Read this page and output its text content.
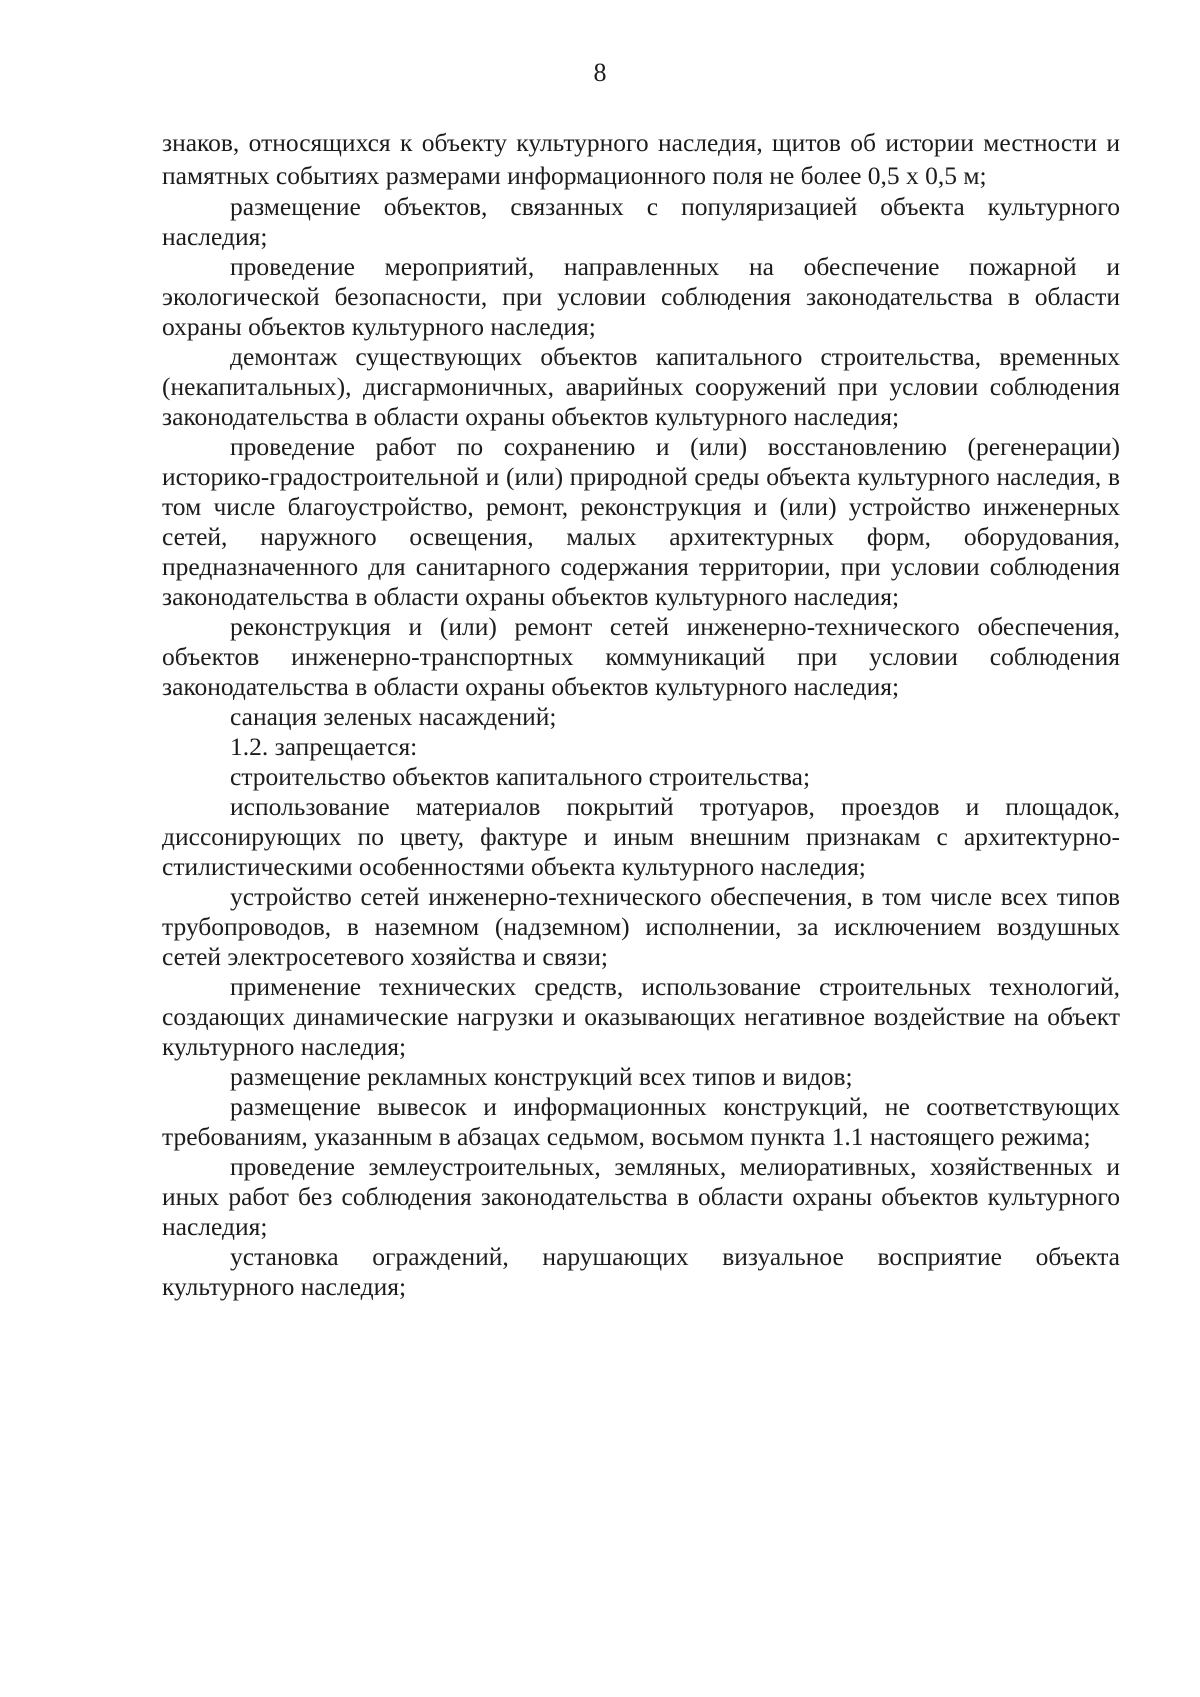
8

знаков, относящихся к объекту культурного наследия, щитов об истории местности и памятных событиях размерами информационного поля не более 0,5 х 0,5 м;

размещение объектов, связанных с популяризацией объекта культурного наследия;

проведение мероприятий, направленных на обеспечение пожарной и экологической безопасности, при условии соблюдения законодательства в области охраны объектов культурного наследия;

демонтаж существующих объектов капитального строительства, временных (некапитальных), дисгармоничных, аварийных сооружений при условии соблюдения законодательства в области охраны объектов культурного наследия;

проведение работ по сохранению и (или) восстановлению (регенерации) историко-градостроительной и (или) природной среды объекта культурного наследия, в том числе благоустройство, ремонт, реконструкция и (или) устройство инженерных сетей, наружного освещения, малых архитектурных форм, оборудования, предназначенного для санитарного содержания территории, при условии соблюдения законодательства в области охраны объектов культурного наследия;

реконструкция и (или) ремонт сетей инженерно-технического обеспечения, объектов инженерно-транспортных коммуникаций при условии соблюдения законодательства в области охраны объектов культурного наследия;

санация зеленых насаждений;

1.2. запрещается:

строительство объектов капитального строительства;

использование материалов покрытий тротуаров, проездов и площадок, диссонирующих по цвету, фактуре и иным внешним признакам с архитектурно-стилистическими особенностями объекта культурного наследия;

устройство сетей инженерно-технического обеспечения, в том числе всех типов трубопроводов, в наземном (надземном) исполнении, за исключением воздушных сетей электросетевого хозяйства и связи;

применение технических средств, использование строительных технологий, создающих динамические нагрузки и оказывающих негативное воздействие на объект культурного наследия;

размещение рекламных конструкций всех типов и видов;

размещение вывесок и информационных конструкций, не соответствующих требованиям, указанным в абзацах седьмом, восьмом пункта 1.1 настоящего режима;

проведение землеустроительных, земляных, мелиоративных, хозяйственных и иных работ без соблюдения законодательства в области охраны объектов культурного наследия;

установка ограждений, нарушающих визуальное восприятие объекта культурного наследия;
